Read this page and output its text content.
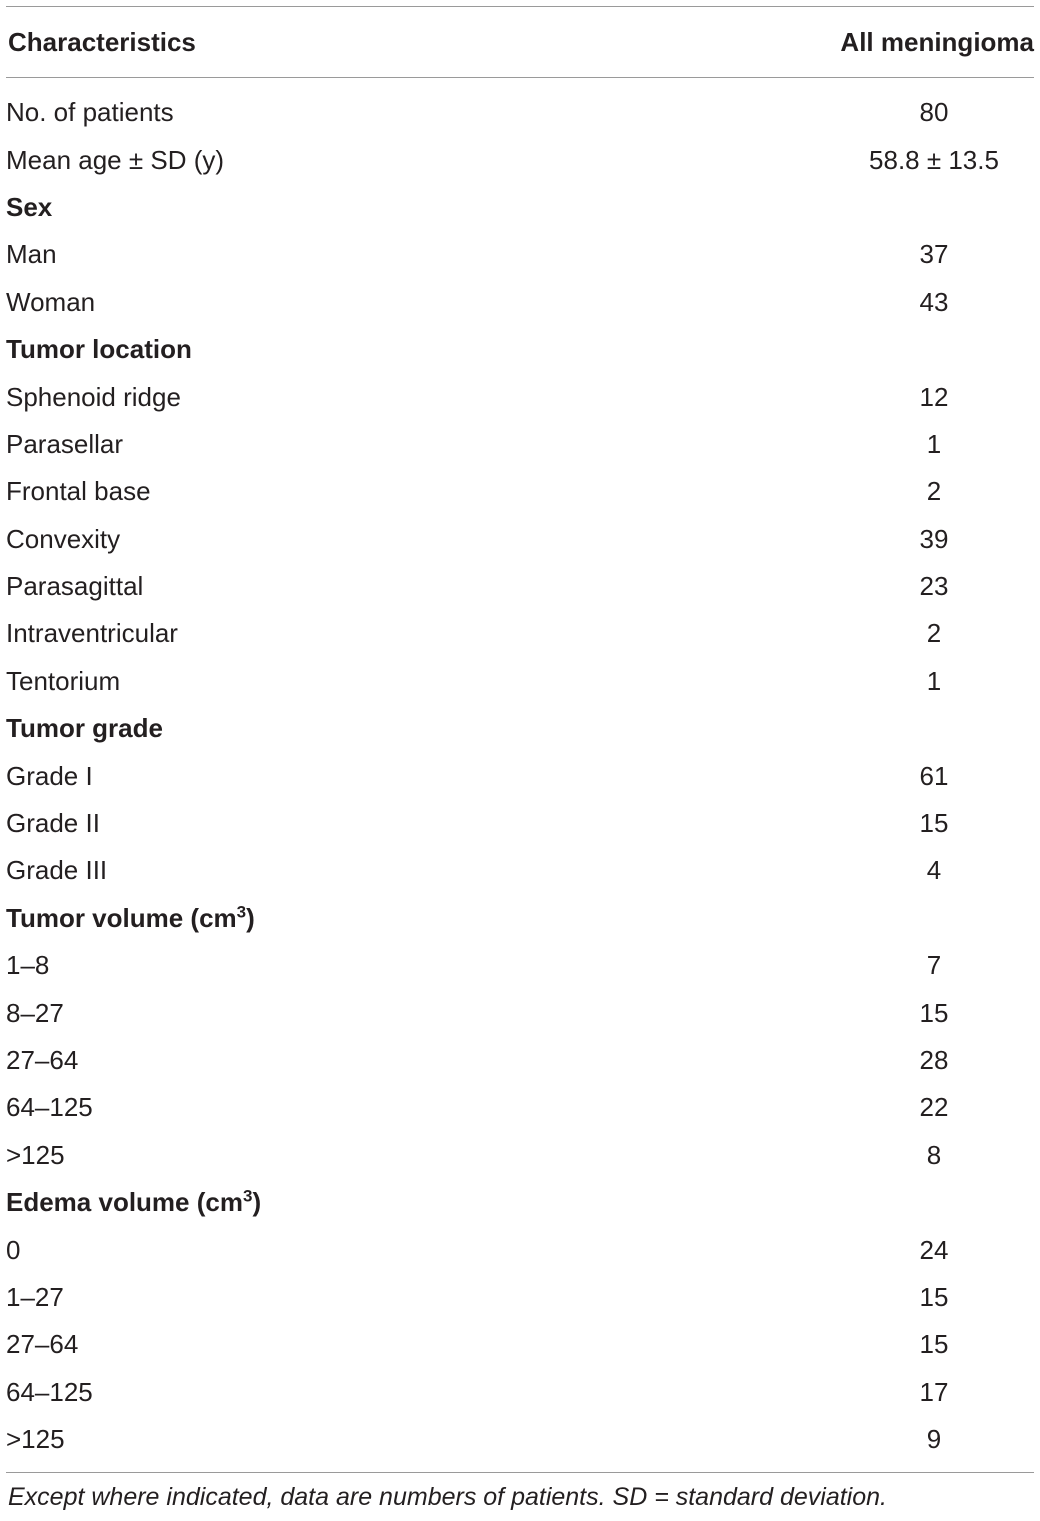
Characteristics	All meningioma
No. of patients	80
Mean age ± SD (y)	58.8 ± 13.5
Sex
Man	37
Woman	43
Tumor location
Sphenoid ridge	12
Parasellar	1
Frontal base	2
Convexity	39
Parasagittal	23
Intraventricular	2
Tentorium	1
Tumor grade
Grade I	61
Grade II	15
Grade III	4
Tumor volume $(cm^3)$
1–8	7
8–27	15
27–64	28
64–125	22
>125	8
Edema volume $(cm^3)$
0	24
1–27	15
27–64	15
64–125	17
>125	9
Except where indicated, data are numbers of patients. SD = standard deviation.
